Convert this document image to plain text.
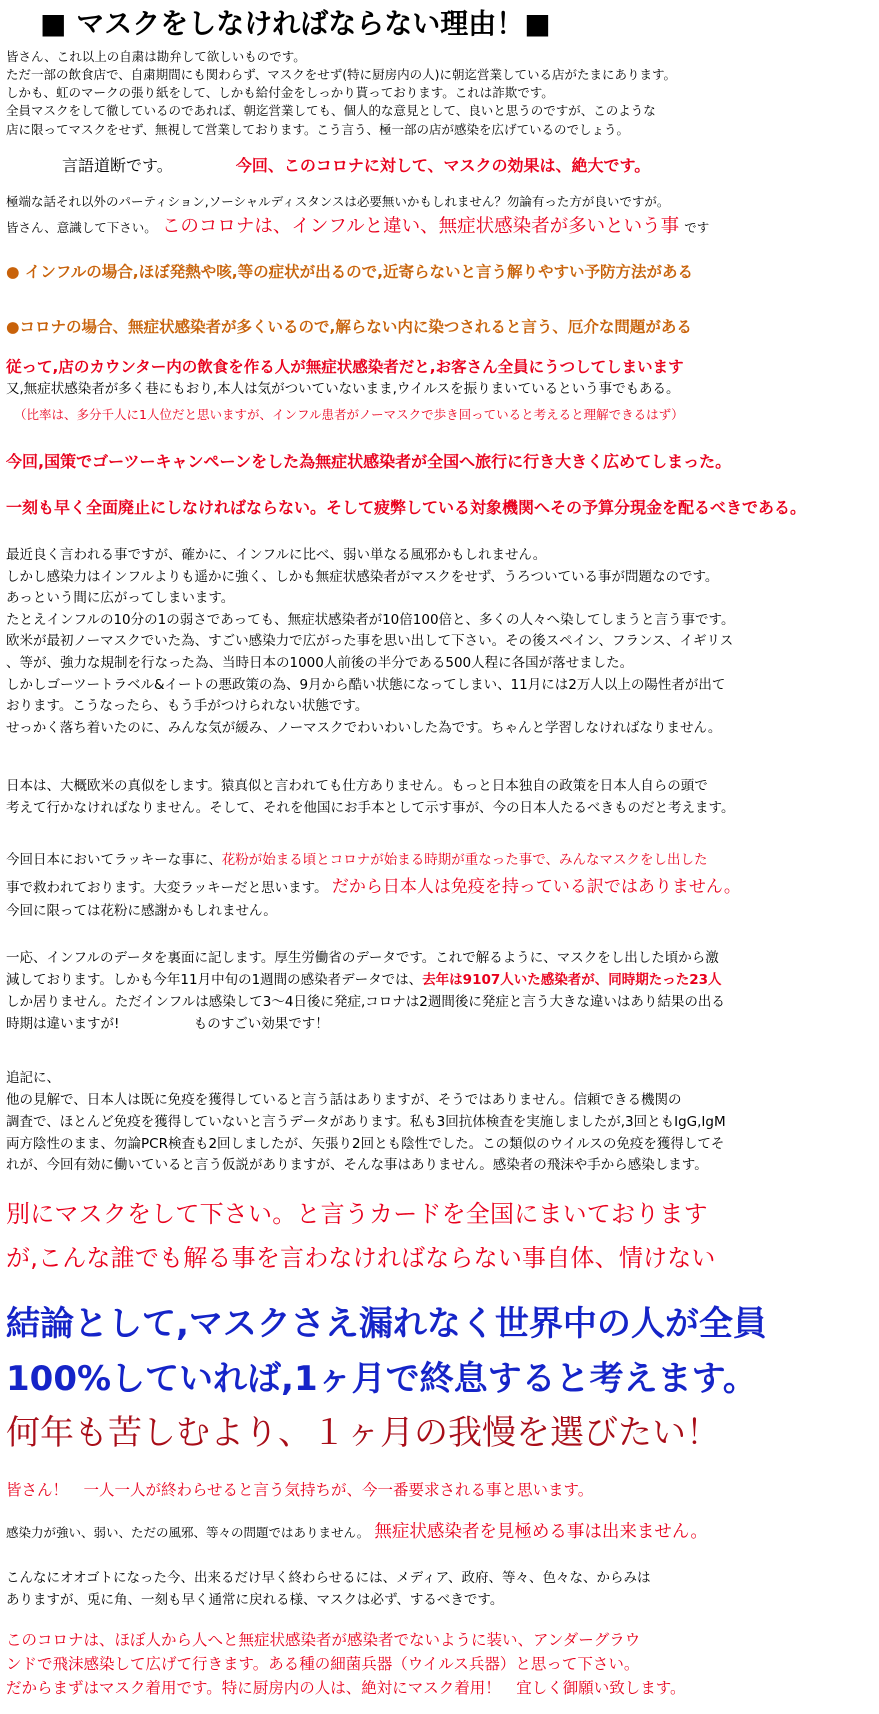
■ マスクをしなければならない理由！■
皆さん、これ以上の自粛は勘弁して欲しいものです。
ただ一部の飲食店で、自粛期間にも関わらず、マスクをせず(特に厨房内の人)に朝迄営業している店がたまにあります。
しかも、虹のマークの張り紙をして、しかも給付金をしっかり貰っております。これは詐欺です。
全員マスクをして徹しているのであれば、朝迄営業しても、個人的な意見として、良いと思うのですが、このような
店に限ってマスクをせず、無視して営業しております。こう言う、極一部の店が感染を広げているのでしょう。
言語道断です。	今回、このコロナに対して、マスクの効果は、絶大です。
極端な話それ以外のパーティション,ソーシャルディスタンスは必要無いかもしれません？勿論有った方が良いですが。
皆さん、意識して下さい。 このコロナは、インフルと違い、無症状感染者が多いという事 です
● インフルの場合,ほぼ発熱や咳,等の症状が出るので,近寄らないと言う解りやすい予防方法がある
●コロナの場合、無症状感染者が多くいるので,解らない内に染つされると言う、厄介な問題がある
従って,店のカウンター内の飲食を作る人が無症状感染者だと,お客さん全員にうつしてしまいます
又,無症状感染者が多く巷にもおり,本人は気がついていないまま,ウイルスを振りまいているという事でもある。
（比率は、多分千人に1人位だと思いますが、インフル患者がノーマスクで歩き回っていると考えると理解できるはず）
今回,国策でゴーツーキャンペーンをした為無症状感染者が全国へ旅行に行き大きく広めてしまった。
一刻も早く全面廃止にしなければならない。そして疲弊している対象機関へその予算分現金を配るべきである。
最近良く言われる事ですが、確かに、インフルに比べ、弱い単なる風邪かもしれません。
しかし感染力はインフルよりも遥かに強く、しかも無症状感染者がマスクをせず、うろついている事が問題なのです。
あっという間に広がってしまいます。
たとえインフルの10分の1の弱さであっても、無症状感染者が10倍100倍と、多くの人々へ染してしまうと言う事です。
欧米が最初ノーマスクでいた為、すごい感染力で広がった事を思い出して下さい。その後スペイン、フランス、イギリス
、等が、強力な規制を行なった為、当時日本の1000人前後の半分である500人程に各国が落せました。
しかしゴーツートラベル&イートの悪政策の為、9月から酷い状態になってしまい、11月には2万人以上の陽性者が出て
おります。こうなったら、もう手がつけられない状態です。
せっかく落ち着いたのに、みんな気が緩み、ノーマスクでわいわいした為です。ちゃんと学習しなければなりません。
日本は、大概欧米の真似をします。猿真似と言われても仕方ありません。もっと日本独自の政策を日本人自らの頭で
考えて行かなければなりません。そして、それを他国にお手本として示す事が、今の日本人たるべきものだと考えます。
今回日本においてラッキーな事に、花粉が始まる頃とコロナが始まる時期が重なった事で、みんなマスクをし出した
事で救われております。大変ラッキーだと思います。 だから日本人は免疫を持っている訳ではありません。
今回に限っては花粉に感謝かもしれません。
一応、インフルのデータを裏面に記します。厚生労働省のデータです。これで解るように、マスクをし出した頃から激
減しております。しかも今年11月中旬の1週間の感染者データでは、去年は9107人いた感染者が、同時期たった23人
しか居りません。ただインフルは感染して3～4日後に発症,コロナは2週間後に発症と言う大きな違いはあり結果の出る
時期は違いますが!	ものすごい効果です！
追記に、
他の見解で、日本人は既に免疫を獲得していると言う話はありますが、そうではありません。信頼できる機関の
調査で、ほとんど免疫を獲得していないと言うデータがあります。私も3回抗体検査を実施しましたが,3回ともIgG,IgM
両方陰性のまま、勿論PCR検査も2回しましたが、矢張り2回とも陰性でした。この類似のウイルスの免疫を獲得してそ
れが、今回有効に働いていると言う仮説がありますが、そんな事はありません。感染者の飛沫や手から感染します。
別にマスクをして下さい。と言うカードを全国にまいております
が,こんな誰でも解る事を言わなければならない事自体、情けない
結論として,マスクさえ漏れなく世界中の人が全員
100%していれば,1ヶ月で終息すると考えます。
何年も苦しむより、１ヶ月の我慢を選びたい！
皆さん！　一人一人が終わらせると言う気持ちが、今一番要求される事と思います。
感染力が強い、弱い、ただの風邪、等々の問題ではありません。 無症状感染者を見極める事は出来ません。
こんなにオオゴトになった今、出来るだけ早く終わらせるには、メディア、政府、等々、色々な、からみは
ありますが、兎に角、一刻も早く通常に戻れる様、マスクは必ず、するべきです。
このコロナは、ほぼ人から人へと無症状感染者が感染者でないように装い、アンダーグラウ
ンドで飛沫感染して広げて行きます。ある種の細菌兵器（ウイルス兵器）と思って下さい。
だからまずはマスク着用です。特に厨房内の人は、絶対にマスク着用！　宜しく御願い致します。
